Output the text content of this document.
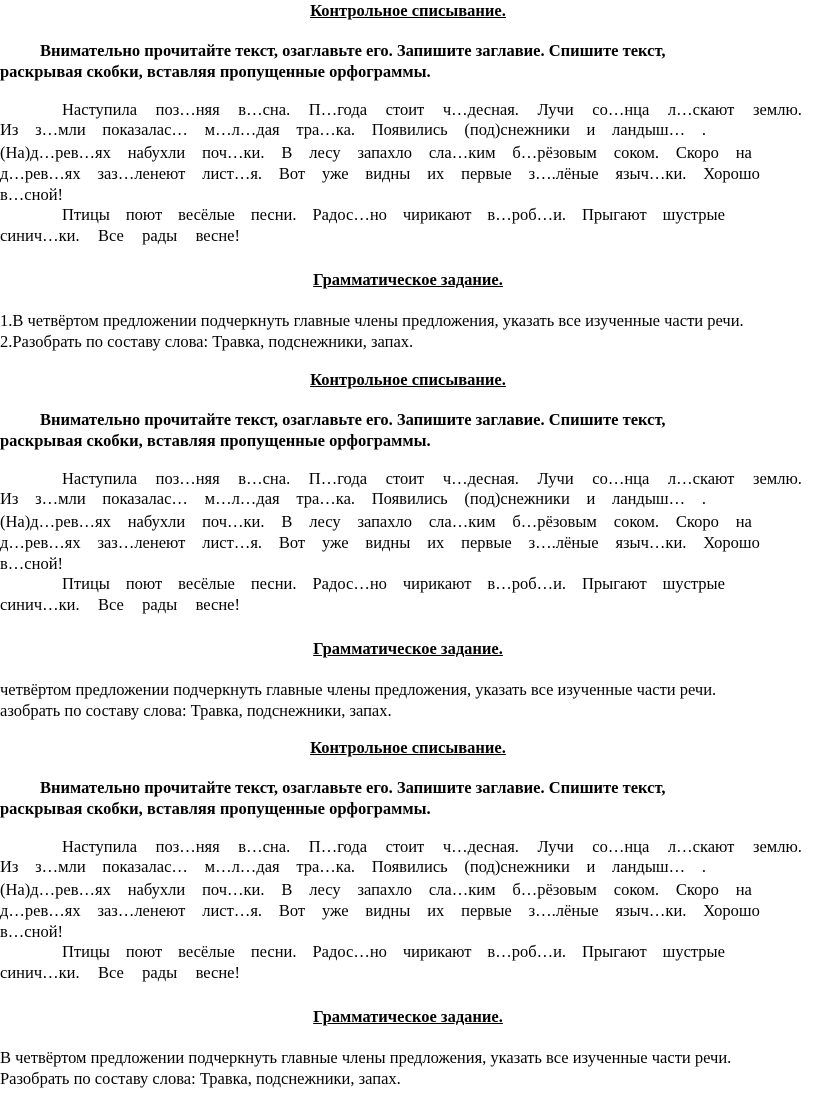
Контрольное списывание.
Внимательно прочитайте текст, озаглавьте его. Запишите заглавие. Спишите текст,
раскрывая скобки, вставляя пропущенные орфограммы.
Наступила поз…няя в…сна. П…года стоит ч…десная. Лучи со…нца л…скают землю.
Из з…мли показалас… м…л…дая тра…ка. Появились (под)снежники и ландыш… .
(На)д…рев…ях набухли поч…ки. В лесу запахло сла…ким б…рёзовым соком. Скоро на
д…рев…ях заз…ленеют лист…я. Вот уже видны их первые з….лёные языч…ки. Хорошо
в…сной!
Птицы поют весёлые песни. Радос…но чирикают в…роб…и. Прыгают шустрые
синич…ки. Все рады весне!
Грамматическое задание.
1.В четвёртом предложении подчеркнуть главные члены предложения, указать все изученные части речи.
2.Разобрать по составу слова: Травка, подснежники, запах.
Контрольное списывание.
Внимательно прочитайте текст, озаглавьте его. Запишите заглавие. Спишите текст,
раскрывая скобки, вставляя пропущенные орфограммы.
Наступила поз…няя в…сна. П…года стоит ч…десная. Лучи со…нца л…скают землю.
Из з…мли показалас… м…л…дая тра…ка. Появились (под)снежники и ландыш… .
(На)д…рев…ях набухли поч…ки. В лесу запахло сла…ким б…рёзовым соком. Скоро на
д…рев…ях заз…ленеют лист…я. Вот уже видны их первые з….лёные языч…ки. Хорошо
в…сной!
Птицы поют весёлые песни. Радос…но чирикают в…роб…и. Прыгают шустрые
синич…ки. Все рады весне!
Грамматическое задание.
четвёртом предложении подчеркнуть главные члены предложения, указать все изученные части речи.
азобрать по составу слова: Травка, подснежники, запах.
Контрольное списывание.
Внимательно прочитайте текст, озаглавьте его. Запишите заглавие. Спишите текст,
раскрывая скобки, вставляя пропущенные орфограммы.
Наступила поз…няя в…сна. П…года стоит ч…десная. Лучи со…нца л…скают землю.
Из з…мли показалас… м…л…дая тра…ка. Появились (под)снежники и ландыш… .
(На)д…рев…ях набухли поч…ки. В лесу запахло сла…ким б…рёзовым соком. Скоро на
д…рев…ях заз…ленеют лист…я. Вот уже видны их первые з….лёные языч…ки. Хорошо
в…сной!
Птицы поют весёлые песни. Радос…но чирикают в…роб…и. Прыгают шустрые
синич…ки. Все рады весне!
Грамматическое задание.
В четвёртом предложении подчеркнуть главные члены предложения, указать все изученные части речи.
Разобрать по составу слова: Травка, подснежники, запах.
